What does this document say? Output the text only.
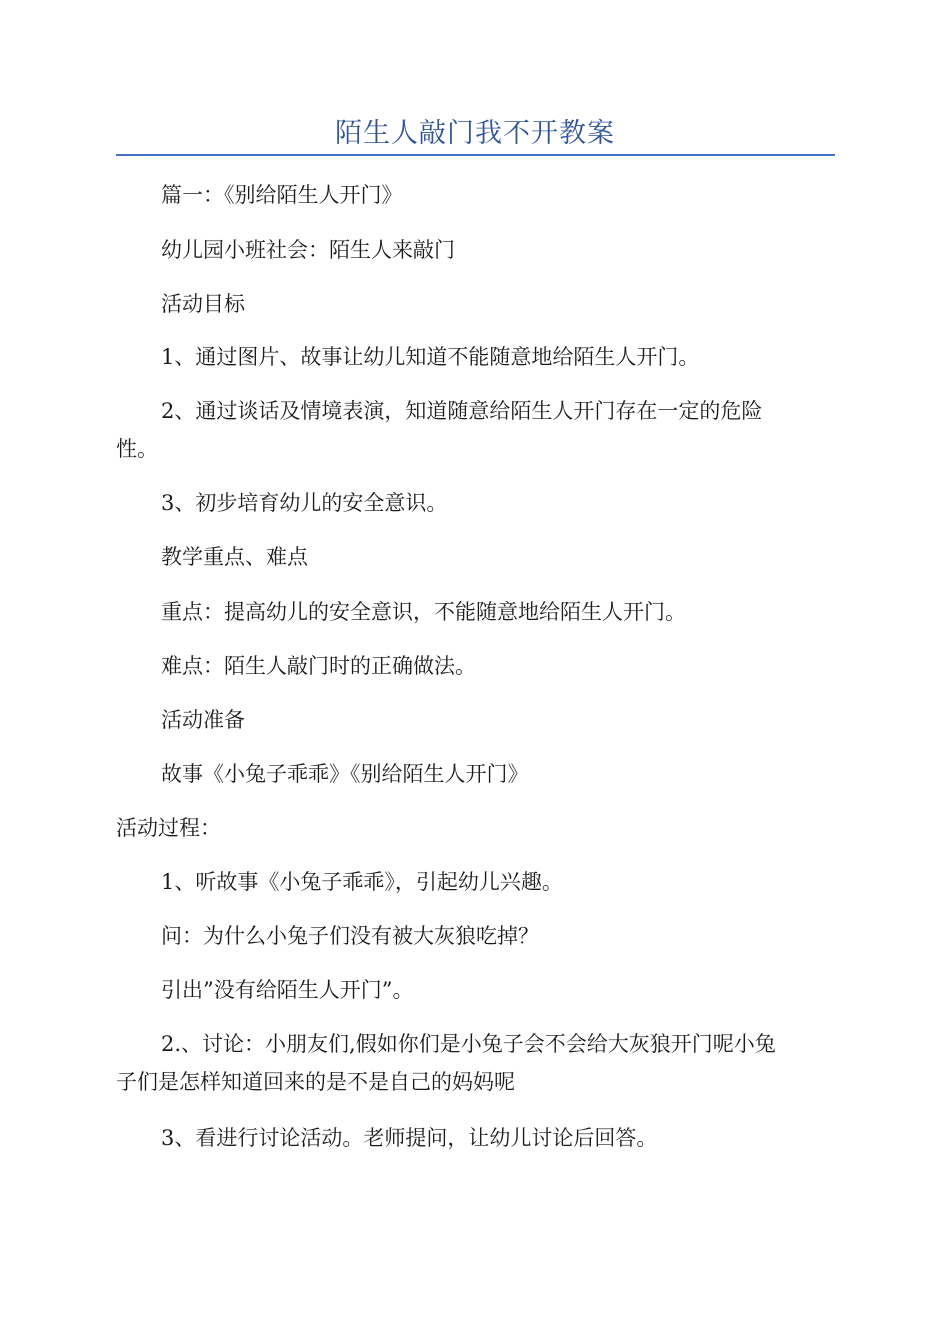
陌生人敲门我不开教案
篇一：《别给陌生人开门》
幼儿园小班社会：陌生人来敲门
活动目标
1、通过图片、故事让幼儿知道不能随意地给陌生人开门。
2、通过谈话及情境表演，知道随意给陌生人开门存在一定的危险
性。
3、初步培育幼儿的安全意识。
教学重点、难点
重点：提高幼儿的安全意识，不能随意地给陌生人开门。
难点：陌生人敲门时的正确做法。
活动准备
故事《小兔子乖乖》《别给陌生人开门》
活动过程：
1、听故事《小兔子乖乖》，引起幼儿兴趣。
问：为什么小兔子们没有被大灰狼吃掉？
引出”没有给陌生人开门”。
2.、讨论：小朋友们,假如你们是小兔子会不会给大灰狼开门呢小兔
子们是怎样知道回来的是不是自己的妈妈呢
3、看进行讨论活动。老师提问，让幼儿讨论后回答。
